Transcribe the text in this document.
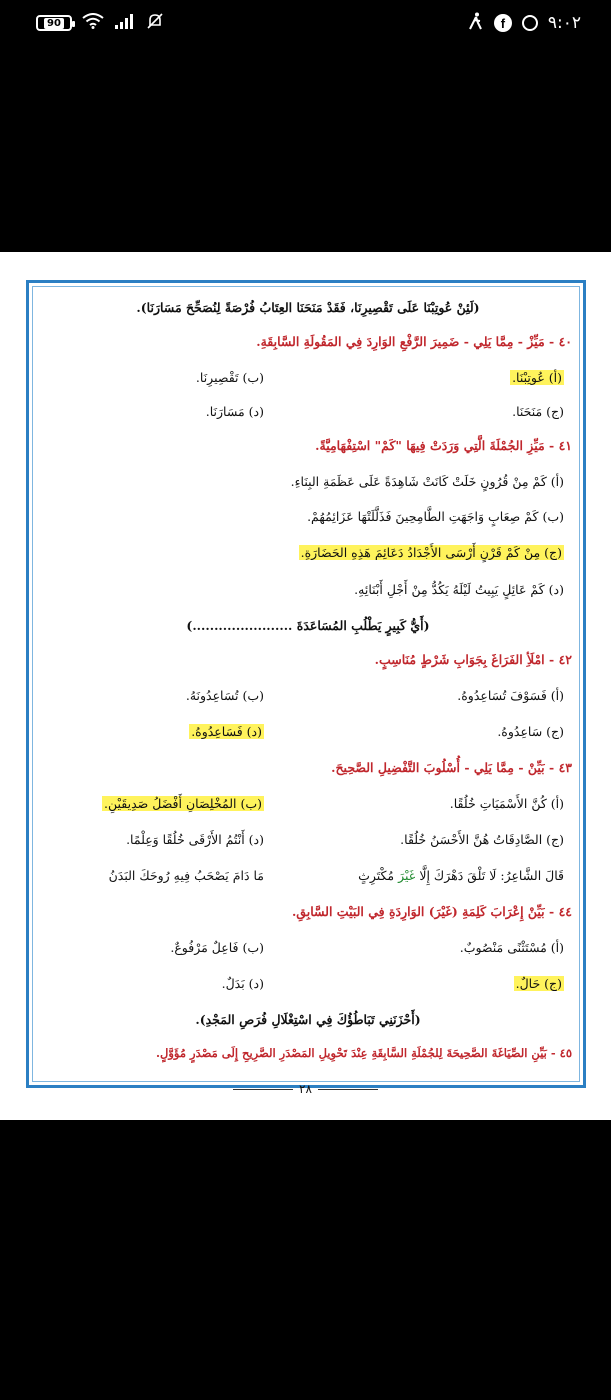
90	f	٩:٠٢
(لَئِنْ عُوتِبْنَا عَلَى تَقْصِيرِنَا، فَقَدْ مَنَحَنَا العِتَابُ فُرْصَةً لِنُصَحِّحَ مَسَارَنَا).
٤٠ - مَيِّزْ - مِمَّا يَلِي - ضَمِيرَ الرَّفْعِ الوَارِدَ فِي المَقُولَةِ السَّابِقَةِ.
(أ) عُوتِبْنَا.
(ب) تَقْصِيرِنَا.
(ج) مَنَحَنَا.
(د) مَسَارَنَا.
٤١ - مَيِّزِ الجُمْلَةَ الَّتِي وَرَدَتْ فِيهَا "كَمْ" اسْتِفْهَامِيَّةً.
(أ) كَمْ مِنْ قُرُونٍ خَلَتْ كَانَتْ شَاهِدَةً عَلَى عَظَمَةِ البِنَاءِ.
(ب) كَمْ صِعَابٍ وَاجَهَتِ الطَّامِحِينَ فَذَلَّلَتْهَا عَزَائِمُهُمْ.
(ج) مِنْ كَمْ قَرْنٍ أَرْسَى الأَجْدَادُ دَعَائِمَ هَذِهِ الحَضَارَةِ.
(د) كَمْ عَائِلٍ يَبِيتُ لَيْلَهُ يَكُدُّ مِنْ أَجْلِ أَبْنَائِهِ.
(أَيُّ كَبِيرٍ يَطْلُبِ المُسَاعَدَةَ .......................)
٤٢ - امْلَأِ الفَرَاغَ بِجَوَابِ شَرْطٍ مُنَاسِبٍ.
(أ) فَسَوْفَ تُسَاعِدُوهُ.
(ب) تُسَاعِدُونَهُ.
(ج) سَاعِدُوهُ.
(د) فَسَاعِدُوهُ.
٤٣ - بَيِّنْ - مِمَّا يَلِي - أُسْلُوبَ التَّفْضِيلِ الصَّحِيحَ.
(أ) كُنَّ الأَسْمَيَاتِ خُلُقًا.
(ب) المُخْلِصَانِ أَفْضَلُ صَدِيقَيْنِ.
(ج) الصَّادِقَاتُ هُنَّ الأَحْسَنُ خُلُقًا.
(د) أَنْتُمُ الأَرْقَى خُلُقًا وَعِلْمًا.
قَالَ الشَّاعِرُ: لَا تَلْقَ دَهْرَكَ إِلَّا غَيْرَ مُكْتَرِثٍ
مَا دَامَ يَصْحَبُ فِيهِ رُوحَكَ البَدَنُ
٤٤ - بَيِّنْ إِعْرَابَ كَلِمَةِ (غَيْرَ) الوَارِدَةِ فِي البَيْتِ السَّابِقِ.
(أ) مُسْتَثْنًى مَنْصُوبٌ.
(ب) فَاعِلٌ مَرْفُوعٌ.
(ج) حَالٌ.
(د) بَدَلٌ.
(أَحْزَنَنِي تَبَاطُؤُكَ فِي اسْتِغْلَالِ فُرَصِ المَجْدِ).
٤٥ - بَيِّنِ الصِّيَاغَةَ الصَّحِيحَةَ لِلجُمْلَةِ السَّابِقَةِ عِنْدَ تَحْوِيلِ المَصْدَرِ الصَّرِيحِ إِلَى مَصْدَرٍ مُؤَوَّلٍ.
٢٨
